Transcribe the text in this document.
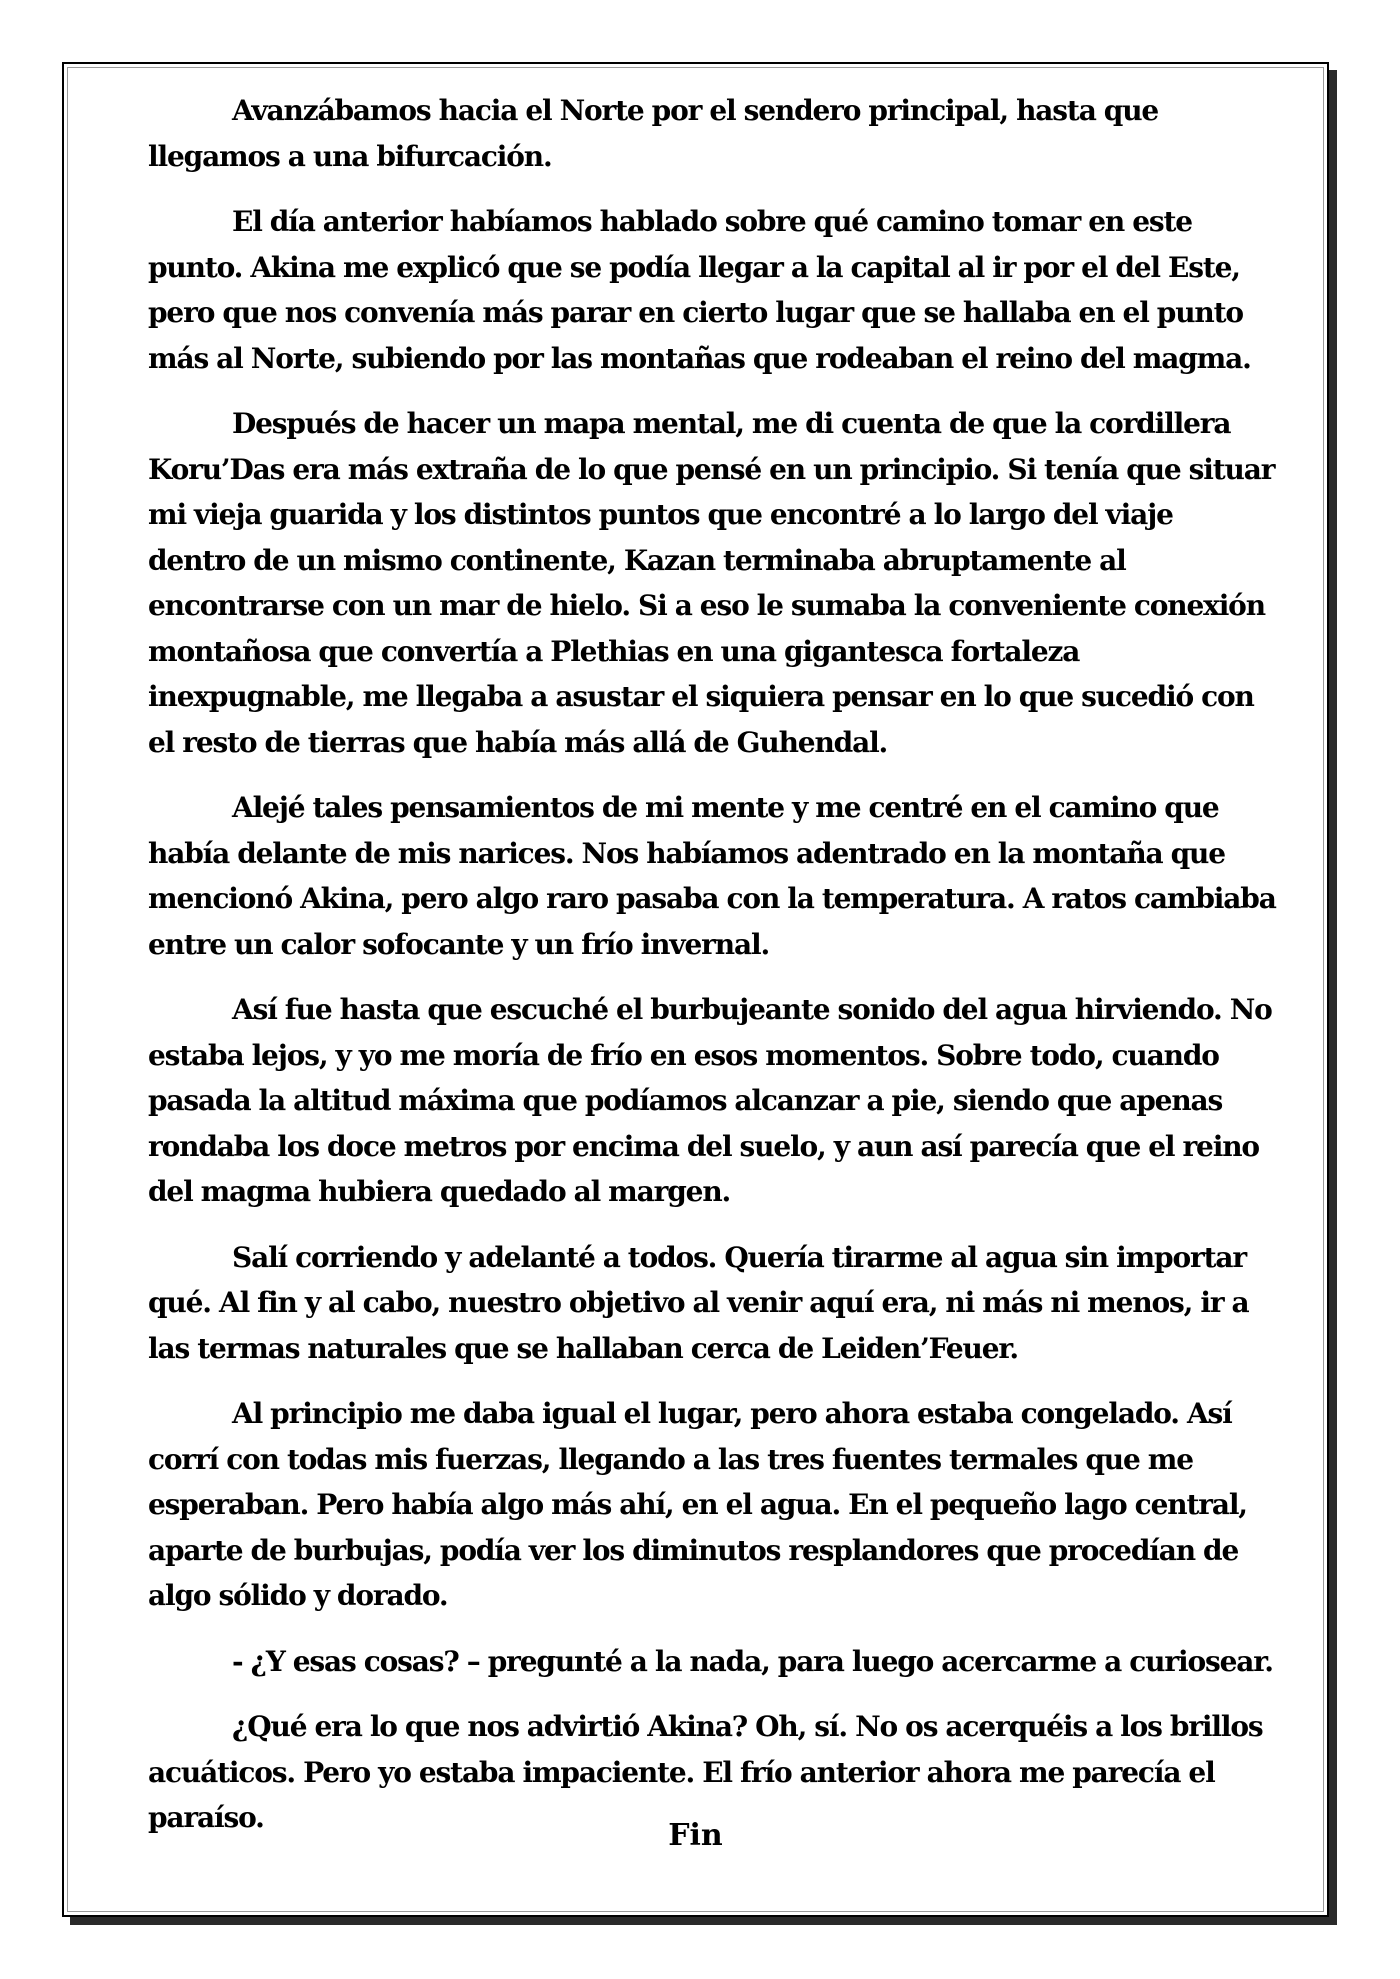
Avanzábamos hacia el Norte por el sendero principal, hasta que llegamos a una bifurcación.

El día anterior habíamos hablado sobre qué camino tomar en este punto. Akina me explicó que se podía llegar a la capital al ir por el del Este, pero que nos convenía más parar en cierto lugar que se hallaba en el punto más al Norte, subiendo por las montañas que rodeaban el reino del magma.

Después de hacer un mapa mental, me di cuenta de que la cordillera Koru’Das era más extraña de lo que pensé en un principio. Si tenía que situar mi vieja guarida y los distintos puntos que encontré a lo largo del viaje dentro de un mismo continente, Kazan terminaba abruptamente al encontrarse con un mar de hielo. Si a eso le sumaba la conveniente conexión montañosa que convertía a Plethias en una gigantesca fortaleza inexpugnable, me llegaba a asustar el siquiera pensar en lo que sucedió con el resto de tierras que había más allá de Guhendal.

Alejé tales pensamientos de mi mente y me centré en el camino que había delante de mis narices. Nos habíamos adentrado en la montaña que mencionó Akina, pero algo raro pasaba con la temperatura. A ratos cambiaba entre un calor sofocante y un frío invernal.

Así fue hasta que escuché el burbujeante sonido del agua hirviendo. No estaba lejos, y yo me moría de frío en esos momentos. Sobre todo, cuando pasada la altitud máxima que podíamos alcanzar a pie, siendo que apenas rondaba los doce metros por encima del suelo, y aun así parecía que el reino del magma hubiera quedado al margen.

Salí corriendo y adelanté a todos. Quería tirarme al agua sin importar qué. Al fin y al cabo, nuestro objetivo al venir aquí era, ni más ni menos, ir a las termas naturales que se hallaban cerca de Leiden’Feuer.

Al principio me daba igual el lugar, pero ahora estaba congelado. Así corrí con todas mis fuerzas, llegando a las tres fuentes termales que me esperaban. Pero había algo más ahí, en el agua. En el pequeño lago central, aparte de burbujas, podía ver los diminutos resplandores que procedían de algo sólido y dorado.

- ¿Y esas cosas? – pregunté a la nada, para luego acercarme a curiosear.

¿Qué era lo que nos advirtió Akina? Oh, sí. No os acerquéis a los brillos acuáticos. Pero yo estaba impaciente. El frío anterior ahora me parecía el paraíso.

Fin
